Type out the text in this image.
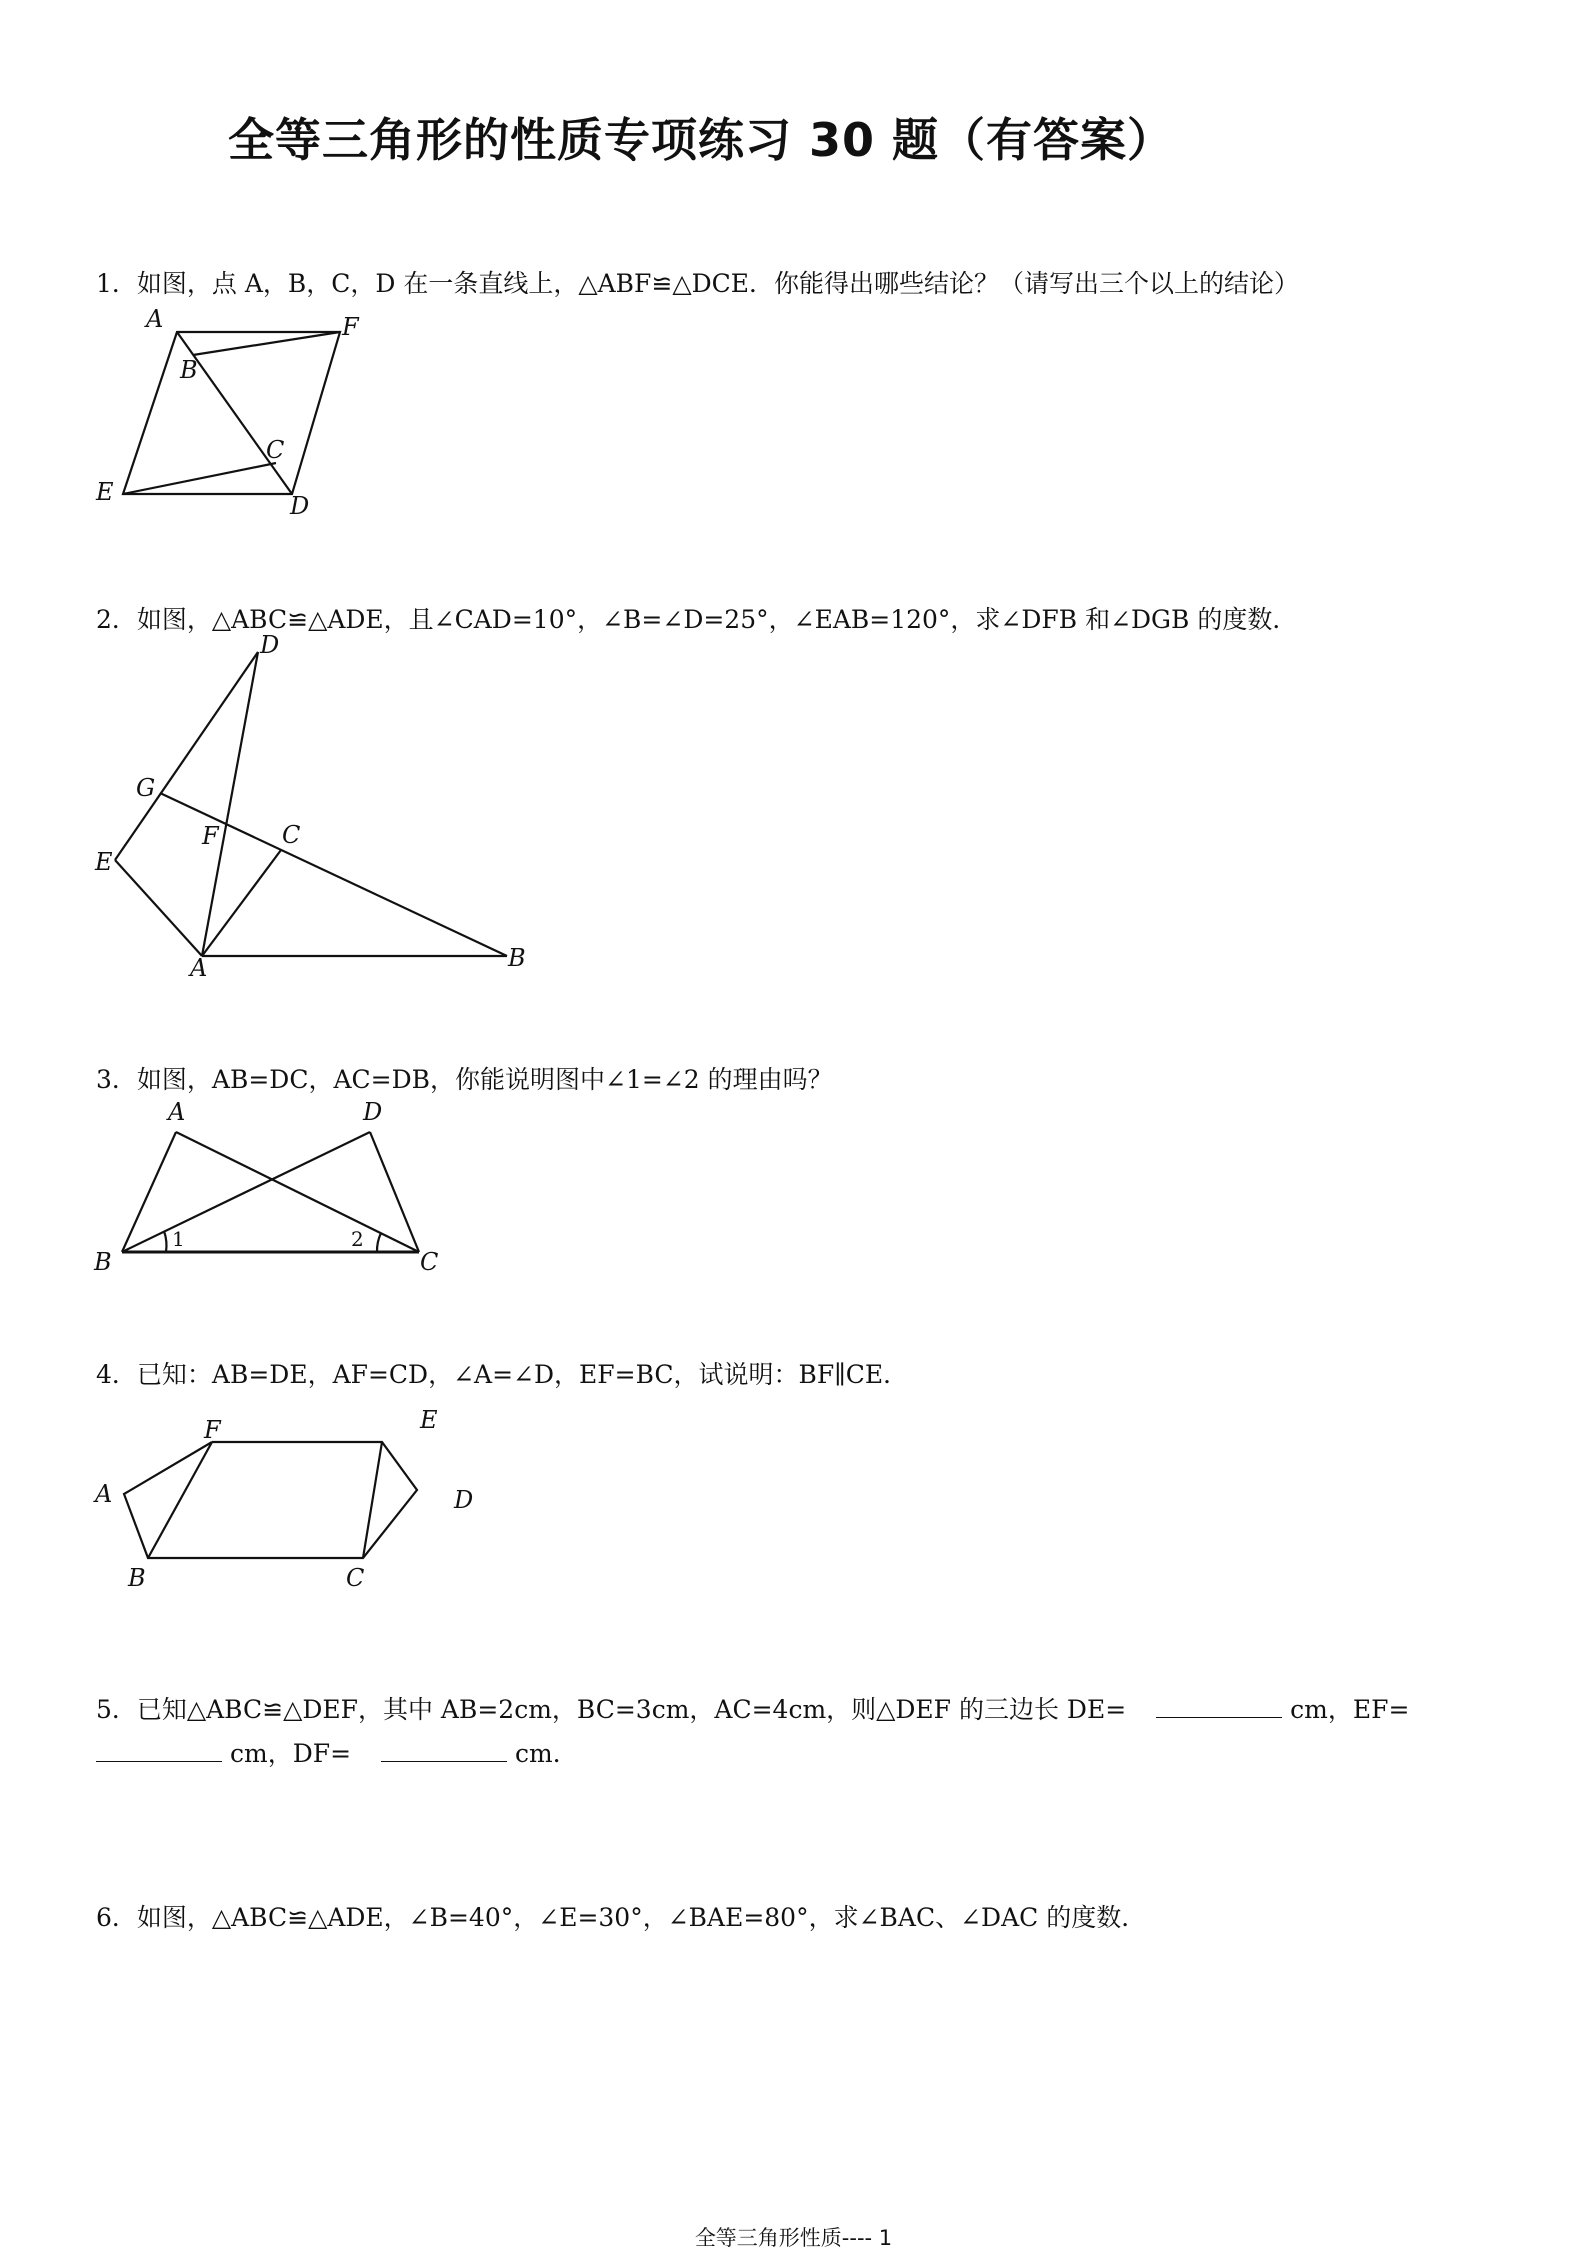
全等三角形的性质专项练习 30 题（有答案）
1．如图，点 A，B，C，D 在一条直线上，△ABF≌△DCE．你能得出哪些结论？（请写出三个以上的结论）
A	F
B
C
E	D
2．如图，△ABC≌△ADE，且∠CAD=10°，∠B=∠D=25°，∠EAB=120°，求∠DFB 和∠DGB 的度数．
D
G
F	C
E
A	B
3．如图，AB=DC，AC=DB，你能说明图中∠1=∠2 的理由吗？
A	D
B	C
1	2
4．已知：AB=DE，AF=CD，∠A=∠D，EF=BC，试说明：BF∥CE．
F	E
A	D
B	C
5．已知△ABC≌△DEF，其中 AB=2cm，BC=3cm，AC=4cm，则△DEF 的三边长 DE=	cm，EF=
cm，DF=	cm．
6．如图，△ABC≌△ADE，∠B=40°，∠E=30°，∠BAE=80°，求∠BAC、∠DAC 的度数．
全等三角形性质---- 1
